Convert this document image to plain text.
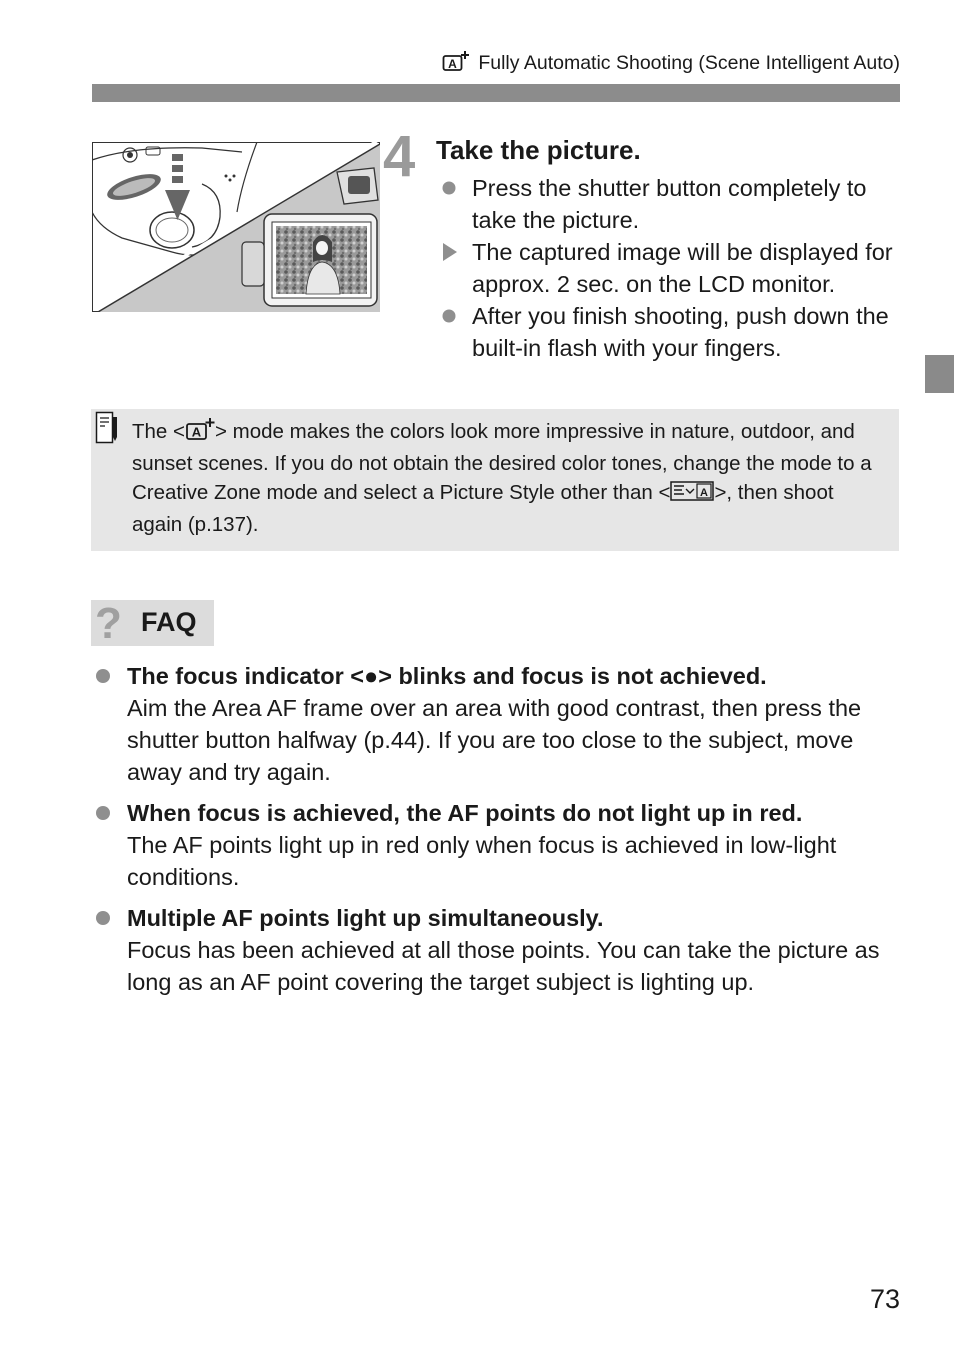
A Fully Automatic Shooting (Scene Intelligent Auto)
4 Take the picture.
Press the shutter button completely to take the picture.
The captured image will be displayed for approx. 2 sec. on the LCD monitor.
After you finish shooting, push down the built-in flash with your fingers.
The < A > mode makes the colors look more impressive in nature, outdoor, and sunset scenes. If you do not obtain the desired color tones, change the mode to a Creative Zone mode and select a Picture Style other than <	A >, then shoot again (p.137).
? FAQ
The focus indicator <●> blinks and focus is not achieved.
Aim the Area AF frame over an area with good contrast, then press the shutter button halfway (p.44). If you are too close to the subject, move away and try again.
When focus is achieved, the AF points do not light up in red.
The AF points light up in red only when focus is achieved in low-light conditions.
Multiple AF points light up simultaneously.
Focus has been achieved at all those points. You can take the picture as long as an AF point covering the target subject is lighting up.
73
